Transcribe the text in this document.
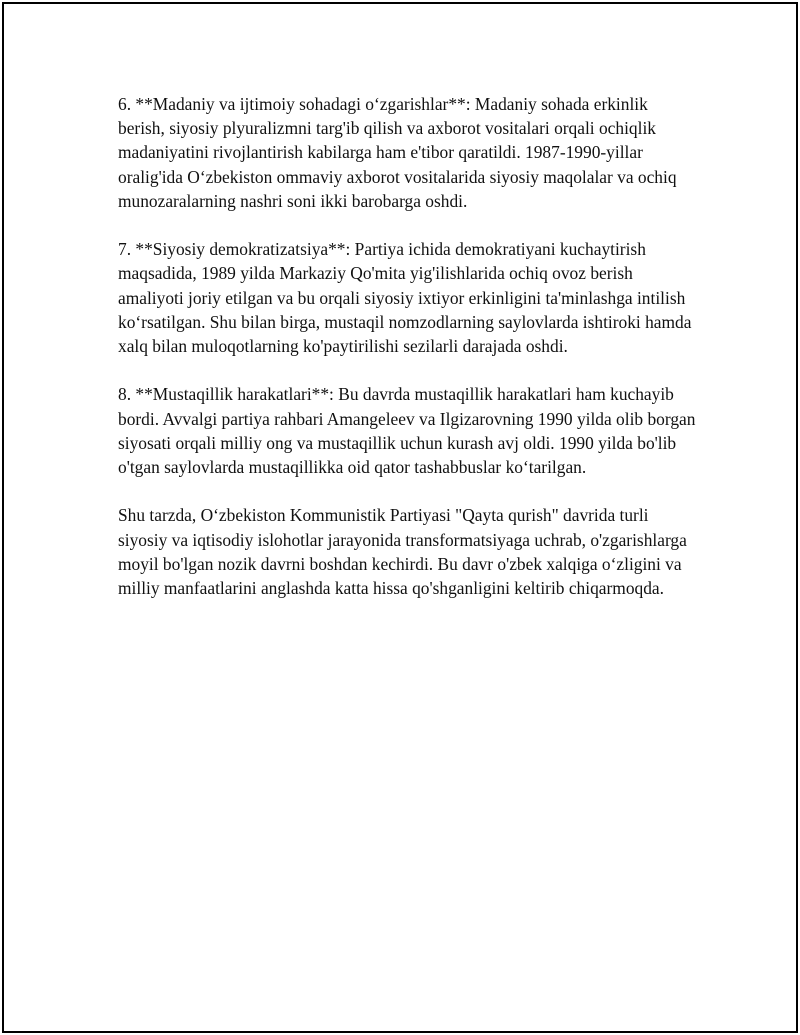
6. **Madaniy va ijtimoiy sohadagi o‘zgarishlar**: Madaniy sohada erkinlik berish, siyosiy plyuralizmni targ'ib qilish va axborot vositalari orqali ochiqlik madaniyatini rivojlantirish kabilarga ham e'tibor qaratildi. 1987-1990-yillar oralig'ida O‘zbekiston ommaviy axborot vositalarida siyosiy maqolalar va ochiq munozaralarning nashri soni ikki barobarga oshdi.

7. **Siyosiy demokratizatsiya**: Partiya ichida demokratiyani kuchaytirish maqsadida, 1989 yilda Markaziy Qo'mita yig'ilishlarida ochiq ovoz berish amaliyoti joriy etilgan va bu orqali siyosiy ixtiyor erkinligini ta'minlashga intilish ko‘rsatilgan. Shu bilan birga, mustaqil nomzodlarning saylovlarda ishtiroki hamda xalq bilan muloqotlarning ko'paytirilishi sezilarli darajada oshdi.

8. **Mustaqillik harakatlari**: Bu davrda mustaqillik harakatlari ham kuchayib bordi. Avvalgi partiya rahbari Amangeleev va Ilgizarovning 1990 yilda olib borgan siyosati orqali milliy ong va mustaqillik uchun kurash avj oldi. 1990 yilda bo'lib o'tgan saylovlarda mustaqillikka oid qator tashabbuslar ko‘tarilgan.

Shu tarzda, O‘zbekiston Kommunistik Partiyasi "Qayta qurish" davrida turli siyosiy va iqtisodiy islohotlar jarayonida transformatsiyaga uchrab, o'zgarishlarga moyil bo'lgan nozik davrni boshdan kechirdi. Bu davr o'zbek xalqiga o‘zligini va milliy manfaatlarini anglashda katta hissa qo'shganligini keltirib chiqarmoqda.
